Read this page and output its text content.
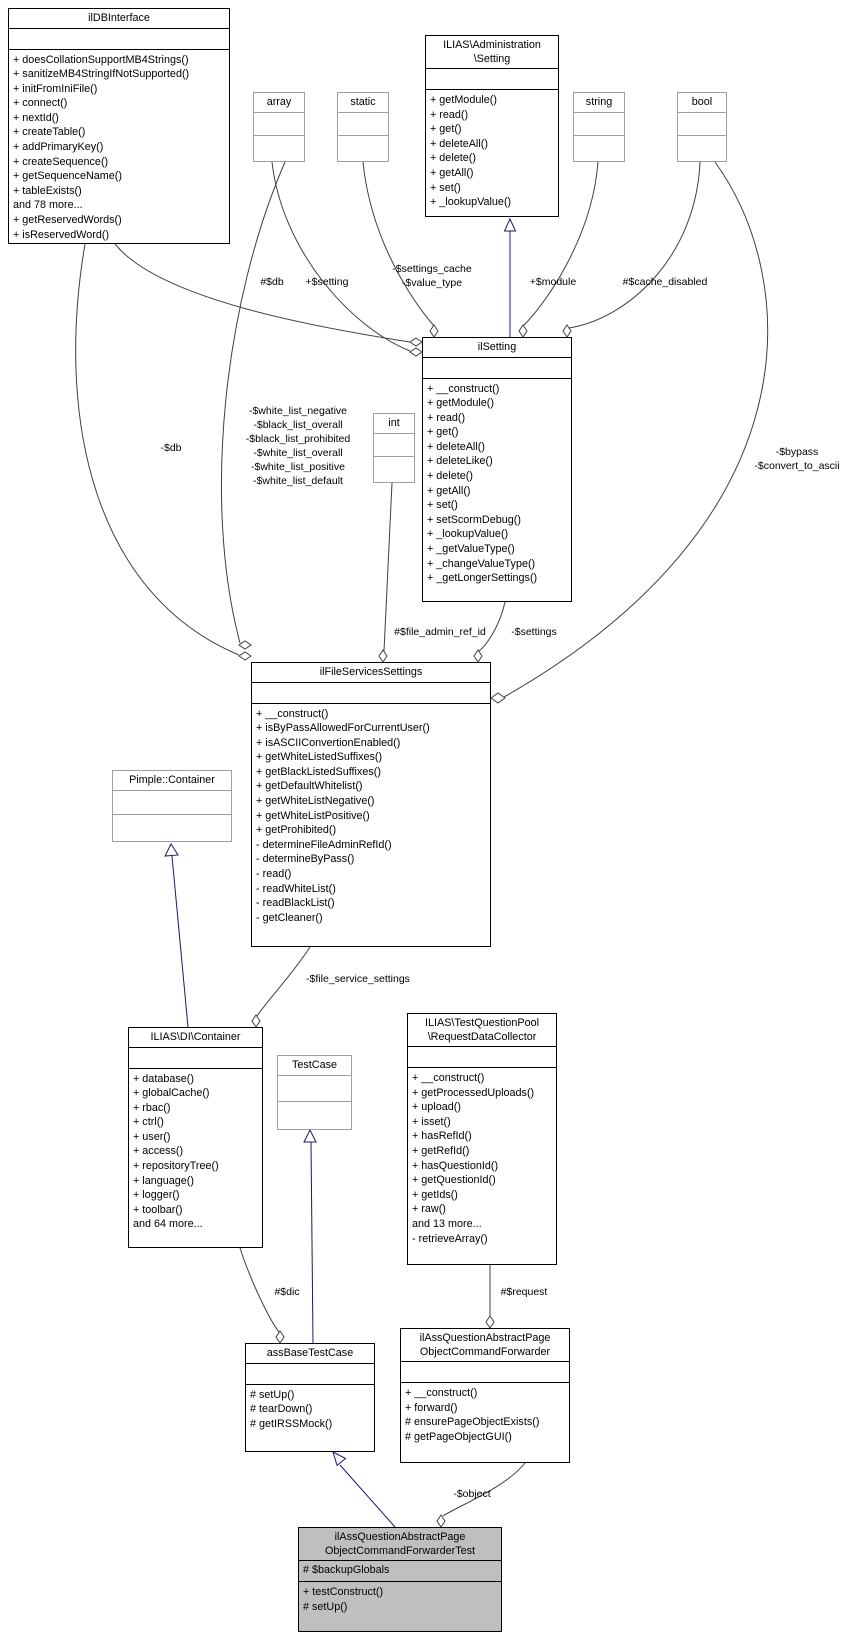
ilDBInterface
+ doesCollationSupportMB4Strings()
+ sanitizeMB4StringIfNotSupported()
+ initFromIniFile()
+ connect()
+ nextId()
+ createTable()
+ addPrimaryKey()
+ createSequence()
+ getSequenceName()
+ tableExists()
and 78 more...
+ getReservedWords()
+ isReservedWord()
ILIAS\Administration
\Setting
+ getModule()
+ read()
+ get()
+ deleteAll()
+ delete()
+ getAll()
+ set()
+ _lookupValue()
array	static	string	bool
ilSetting
+ __construct()
+ getModule()
+ read()
+ get()
+ deleteAll()
+ deleteLike()
+ delete()
+ getAll()
+ set()
+ setScormDebug()
+ _lookupValue()
+ _getValueType()
+ _changeValueType()
+ _getLongerSettings()
int
ilFileServicesSettings
+ __construct()
+ isByPassAllowedForCurrentUser()
+ isASCIIConvertionEnabled()
+ getWhiteListedSuffixes()
+ getBlackListedSuffixes()
+ getDefaultWhitelist()
+ getWhiteListNegative()
+ getWhiteListPositive()
+ getProhibited()
- determineFileAdminRefId()
- determineByPass()
- read()
- readWhiteList()
- readBlackList()
- getCleaner()
Pimple::Container
ILIAS\DI\Container
+ database()
+ globalCache()
+ rbac()
+ ctrl()
+ user()
+ access()
+ repositoryTree()
+ language()
+ logger()
+ toolbar()
and 64 more...
TestCase
ILIAS\TestQuestionPool
\RequestDataCollector
+ __construct()
+ getProcessedUploads()
+ upload()
+ isset()
+ hasRefId()
+ getRefId()
+ hasQuestionId()
+ getQuestionId()
+ getIds()
+ raw()
and 13 more...
- retrieveArray()
assBaseTestCase
# setUp()
# tearDown()
# getIRSSMock()
ilAssQuestionAbstractPage
ObjectCommandForwarder
+ __construct()
+ forward()
# ensurePageObjectExists()
# getPageObjectGUI()
ilAssQuestionAbstractPage
ObjectCommandForwarderTest
# $backupGlobals
+ testConstruct()
# setUp()
#$db +$setting
-$settings_cache
-$value_type	+$module	#$cache_disabled
-$db
-$white_list_negative
-$black_list_overall
-$black_list_prohibited
-$white_list_overall
-$white_list_positive
-$white_list_default
-$bypass
-$convert_to_ascii
#$file_admin_ref_id -$settings
-$file_service_settings
#$dic	#$request
-$object
